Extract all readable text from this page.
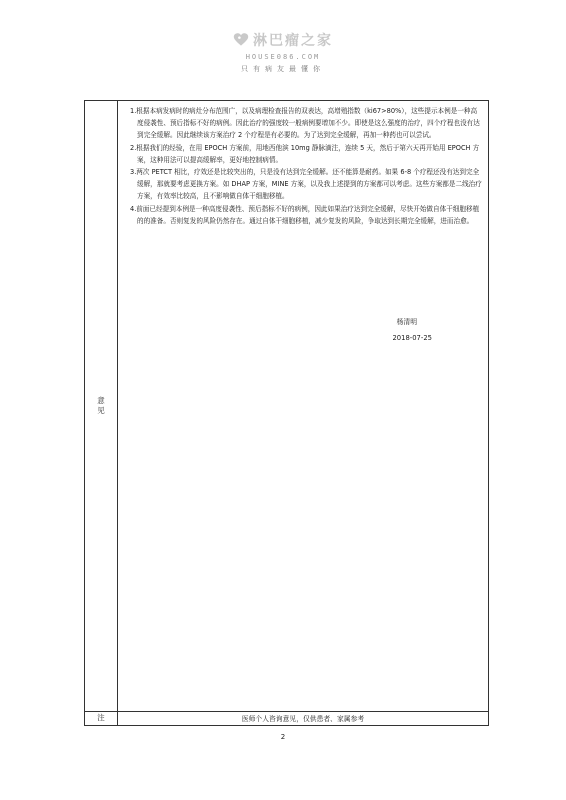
淋巴瘤之家
HOUSE086.COM
只有病友最懂你
意
见

1.根据本病发病时的病灶分布范围广，以及病理检查报告的双表达，高增殖指数（ki67>80%），这些提示本例是一种高度侵袭性、预后指标不好的病例。因此治疗的强度较一般病例要增加不少。即使是这么强度的治疗，四个疗程也没有达到完全缓解。因此继续该方案治疗 2 个疗程是有必要的。为了达到完全缓解，再加一种药也可以尝试。

2.根据我们的经验，在用 EPOCH 方案前，用地西他滨 10mg 静脉滴注，连续 5 天，然后于第六天再开始用 EPOCH 方案，这种用法可以提高缓解率，更好地控制病情。

3.两次 PETCT 相比，疗效还是比较突出的，只是没有达到完全缓解。还不能算是耐药。如果 6-8 个疗程还没有达到完全缓解，那就要考虑更换方案。如 DHAP 方案，MINE 方案，以及我上述提到的方案都可以考虑。这些方案都是二线治疗方案，有效率比较高，且不影响做自体干细胞移植。

4.前面已经提到本例是一种高度侵袭性、预后指标不好的病例，因此如果治疗达到完全缓解，尽快开始做自体干细胞移植的的准备。否则复发的风险仍然存在。通过自体干细胞移植，减少复发的风险，争取达到长期完全缓解，进而治愈。

杨清明
2018-07-25
注	医师个人咨询意见，仅供患者、家属参考
2
